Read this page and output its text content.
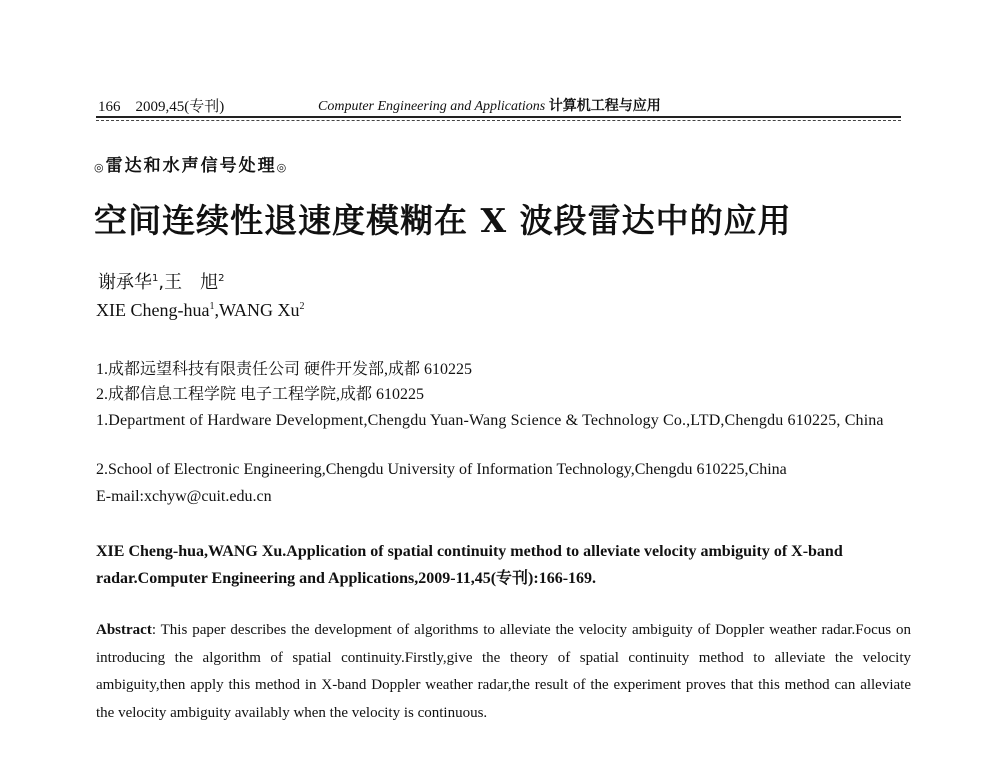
166 2009,45(专刊)	Computer Engineering and Applications 计算机工程与应用
◎雷达和水声信号处理◎
空间连续性退速度模糊在 X 波段雷达中的应用
谢承华$^1$,王　旭$^2$
XIE Cheng-hua$^1$,WANG Xu$^2$
1.成都远望科技有限责任公司 硬件开发部,成都 610225
2.成都信息工程学院 电子工程学院,成都 610225
1.Department of Hardware Development,Chengdu Yuan-Wang Science & Technology Co.,LTD,Chengdu 610225, China
2.School of Electronic Engineering,Chengdu University of Information Technology,Chengdu 610225,China
E-mail:xchyw@cuit.edu.cn
XIE Cheng-hua,WANG Xu.Application of spatial continuity method to alleviate velocity ambiguity of X-band radar.Computer Engineering and Applications,2009-11,45(专刊):166-169.
Abstract: This paper describes the development of algorithms to alleviate the velocity ambiguity of Doppler weather radar.Focus on introducing the algorithm of spatial continuity.Firstly,give the theory of spatial continuity method to alleviate the velocity ambiguity,then apply this method in X-band Doppler weather radar,the result of the experiment proves that this method can alleviate the velocity ambiguity availably when the velocity is continuous.
